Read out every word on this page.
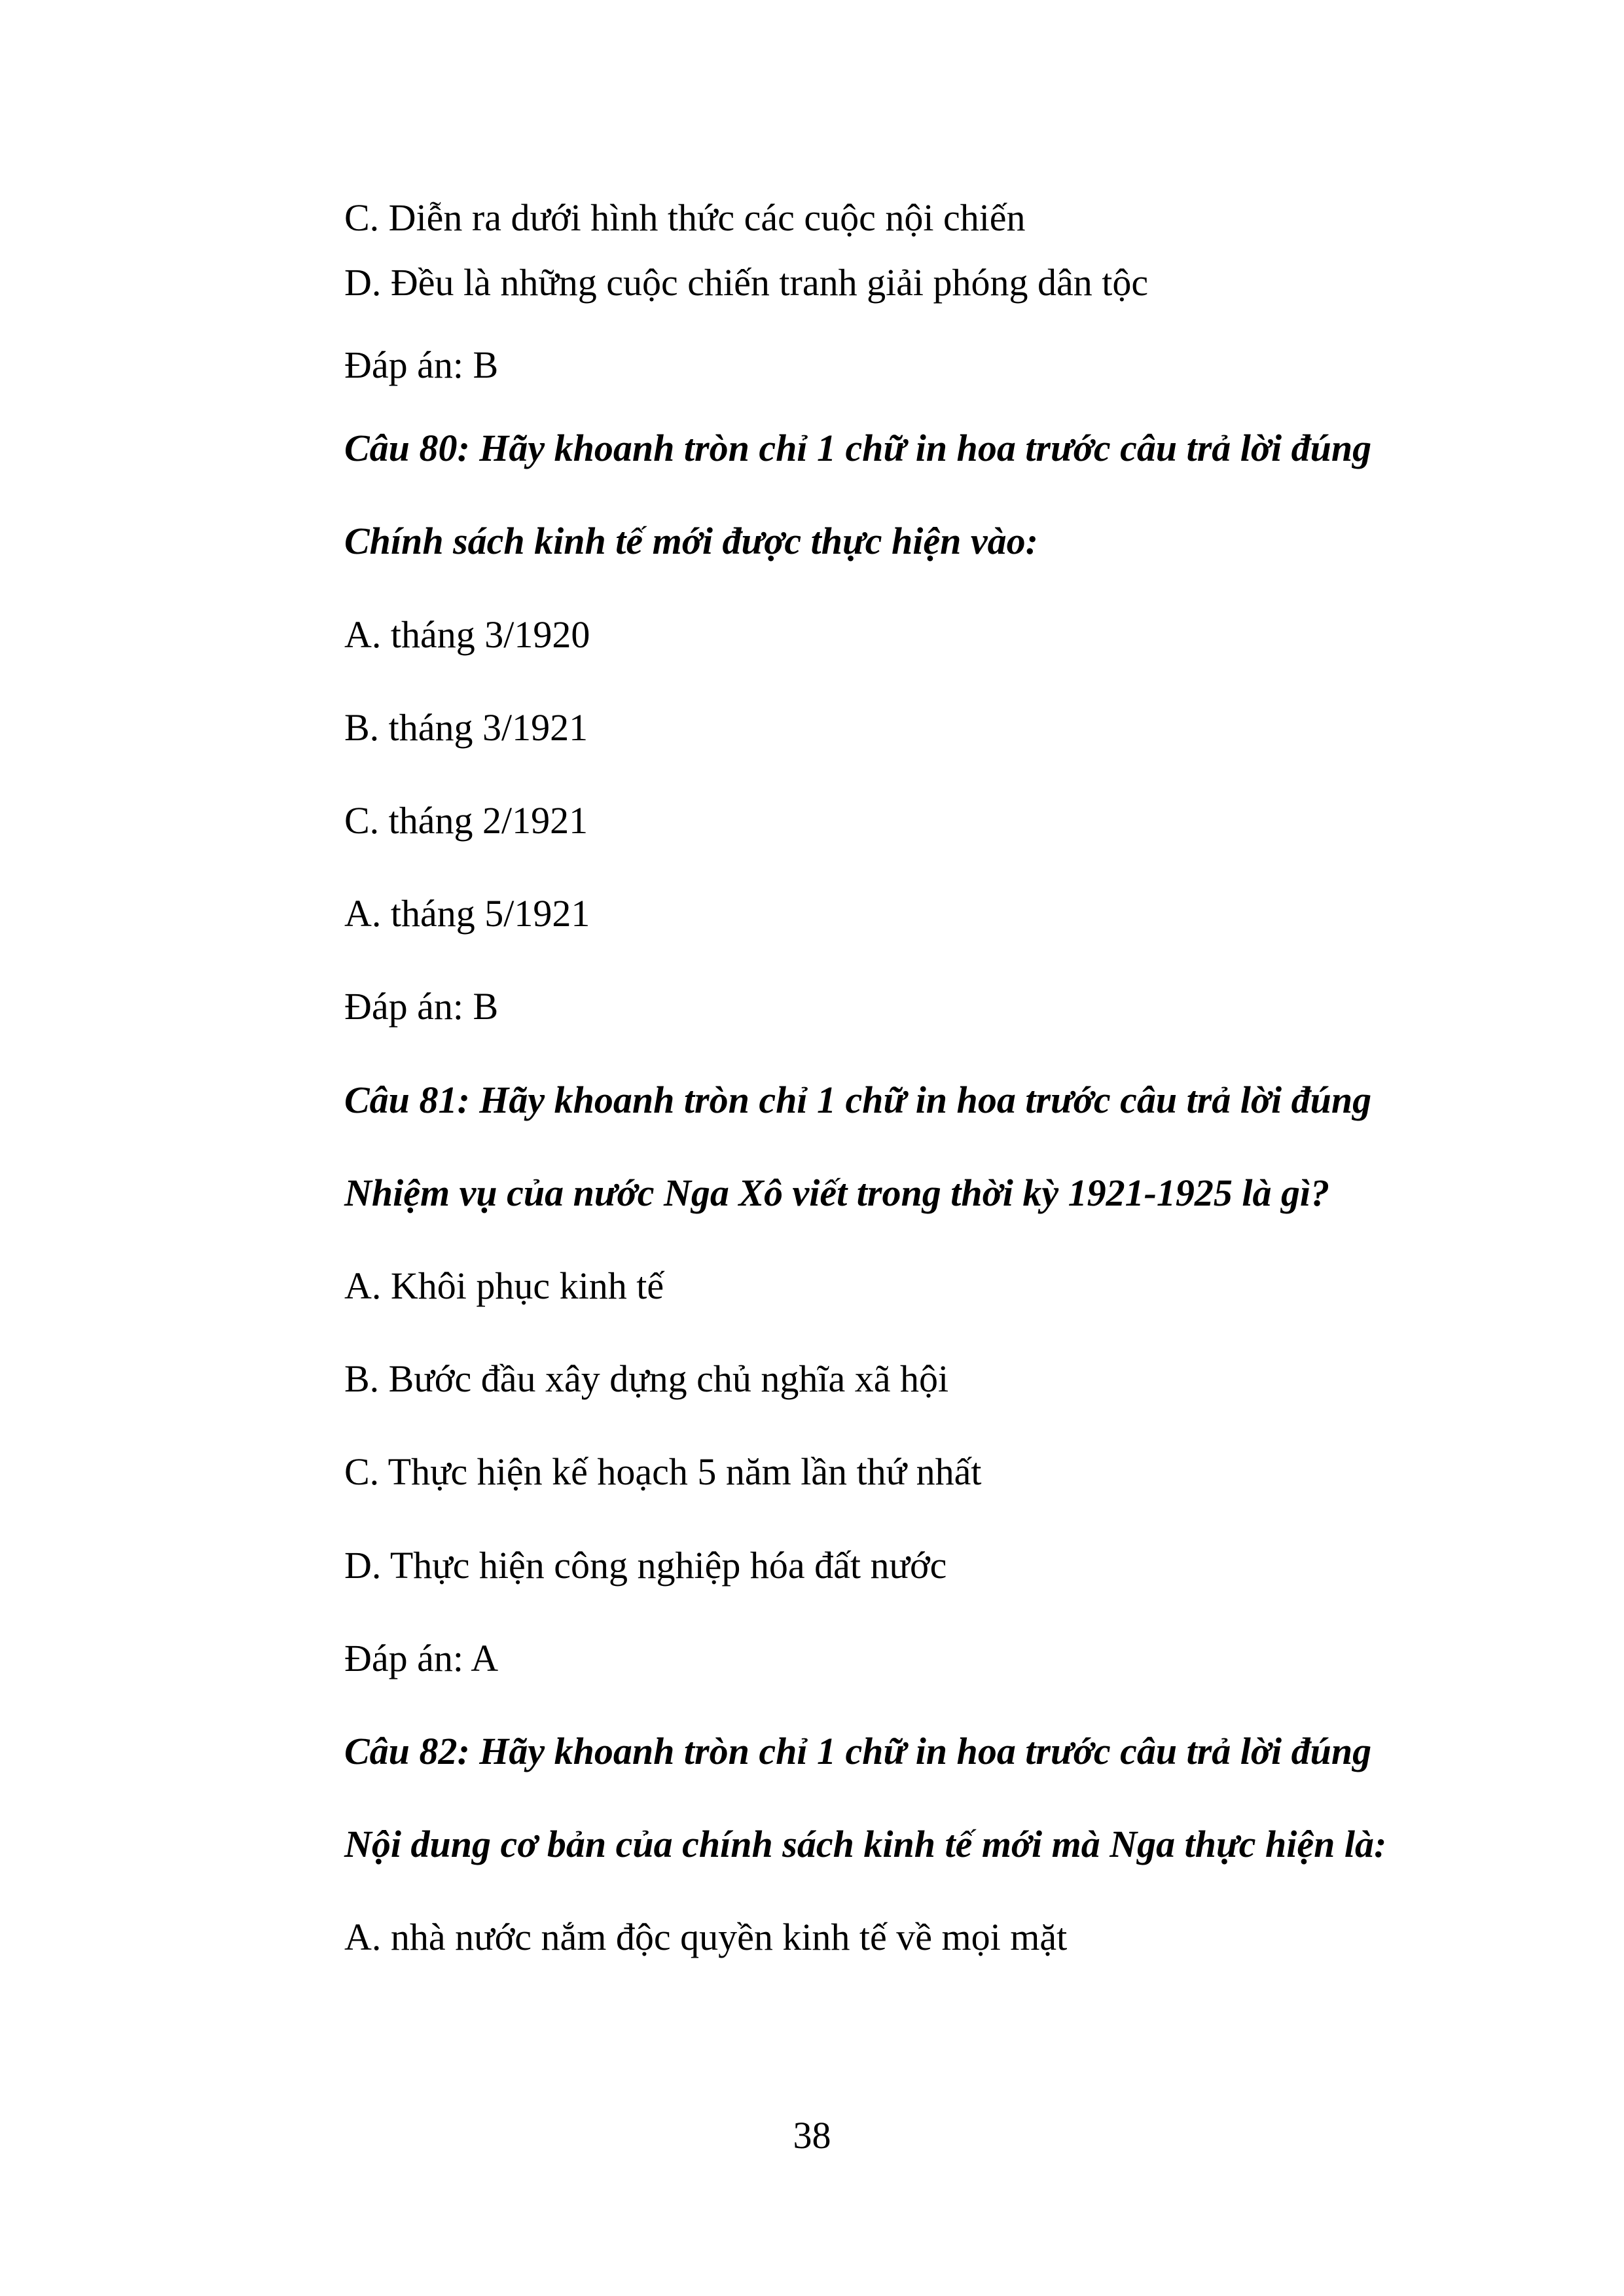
C. Diễn ra dưới hình thức các cuộc nội chiến
D. Đều là những cuộc chiến tranh giải phóng dân tộc
Đáp án: B
Câu 80: Hãy khoanh tròn chỉ 1 chữ in hoa trước câu trả lời đúng
Chính sách kinh tế mới được thực hiện vào:
A. tháng 3/1920
B. tháng 3/1921
C. tháng 2/1921
A. tháng 5/1921
Đáp án: B
Câu 81: Hãy khoanh tròn chỉ 1 chữ in hoa trước câu trả lời đúng
Nhiệm vụ của nước Nga Xô viết trong thời kỳ 1921-1925 là gì?
A. Khôi phục kinh tế
B. Bước đầu xây dựng chủ nghĩa xã hội
C. Thực hiện kế hoạch 5 năm lần thứ nhất
D. Thực hiện công nghiệp hóa đất nước
Đáp án: A
Câu 82: Hãy khoanh tròn chỉ 1 chữ in hoa trước câu trả lời đúng
Nội dung cơ bản của chính sách kinh tế mới mà Nga thực hiện là:
A. nhà nước nắm độc quyền kinh tế về mọi mặt
38
